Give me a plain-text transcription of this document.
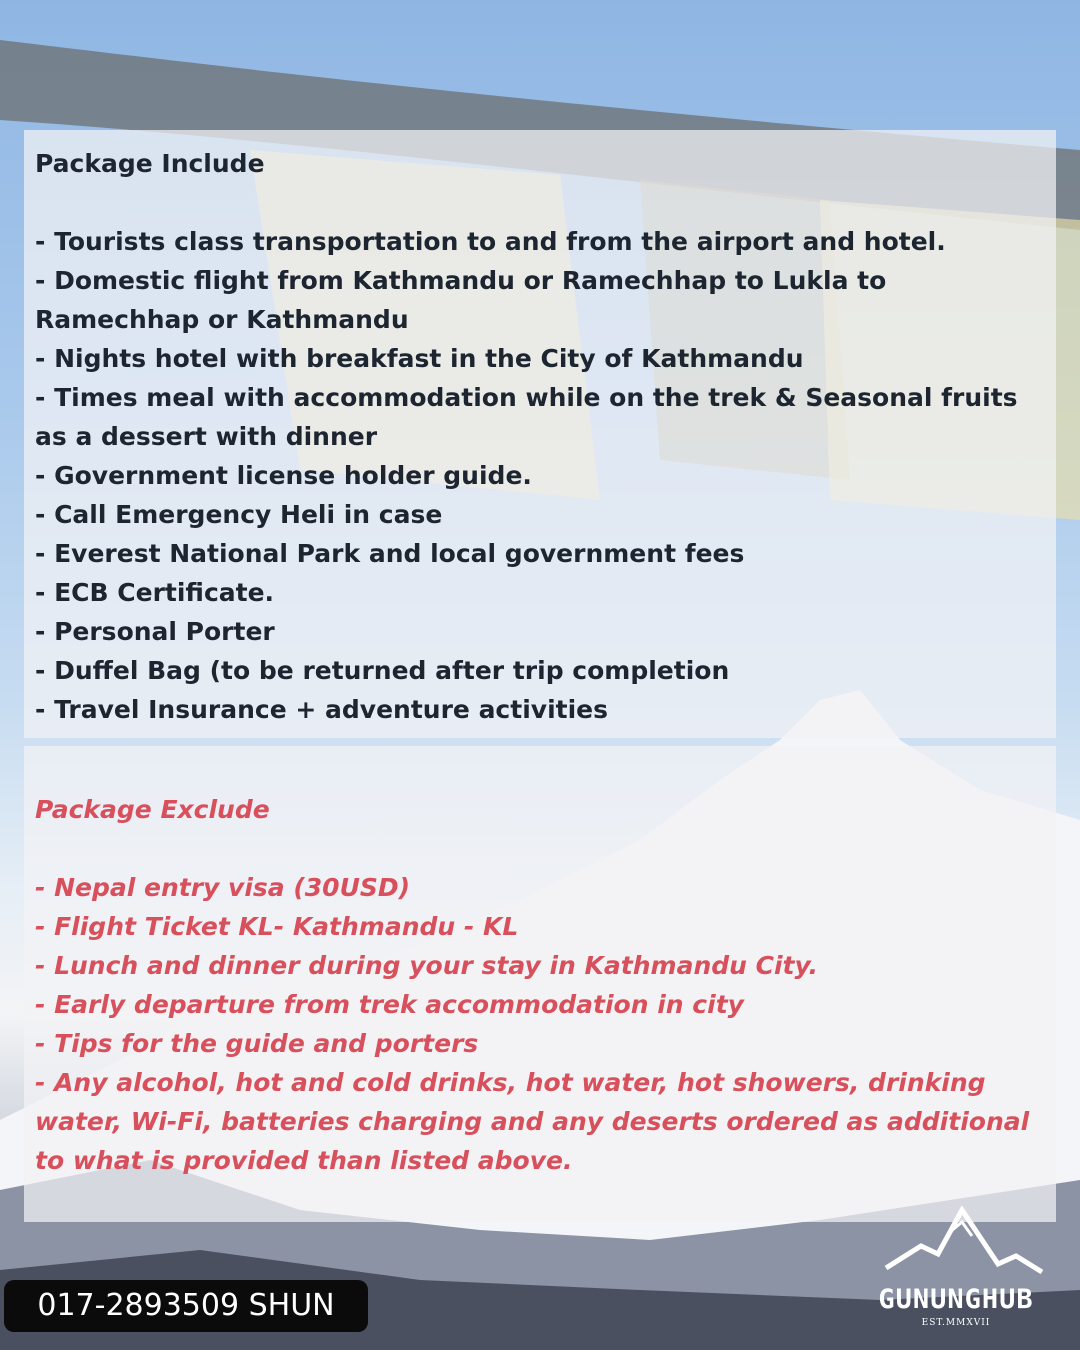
Package Include
- Tourists class transportation to and from the airport and hotel.
- Domestic flight from Kathmandu or Ramechhap to Lukla to Ramechhap or Kathmandu
- Nights hotel with breakfast in the City of Kathmandu
- Times meal with accommodation while on the trek & Seasonal fruits as a dessert with dinner
- Government license holder guide.
- Call Emergency Heli in case
- Everest National Park and local government fees
- ECB Certificate.
- Personal Porter
- Duffel Bag (to be returned after trip completion
- Travel Insurance + adventure activities
Package Exclude
- Nepal entry visa (30USD)
- Flight Ticket KL- Kathmandu - KL
- Lunch and dinner during your stay in Kathmandu City.
- Early departure from trek accommodation in city
- Tips for the guide and porters
- Any alcohol, hot and cold drinks, hot water, hot showers, drinking water, Wi-Fi, batteries charging and any deserts ordered as additional to what is provided than listed above.
017-2893509 SHUN	GUNUNGHUB
EST.MMXVII
